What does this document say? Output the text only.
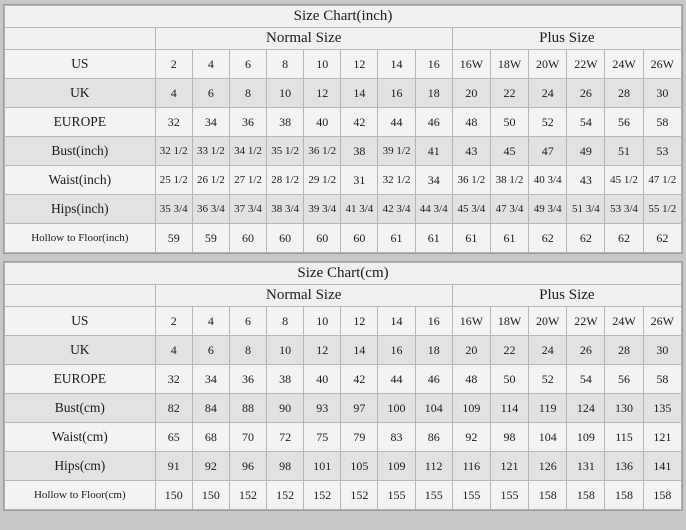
Size Chart(inch)														
	Normal Size								Plus Size					
US	2	4	6	8	10	12	14	16	16W	18W	20W	22W	24W	26W
UK	4	6	8	10	12	14	16	18	20	22	24	26	28	30
EUROPE	32	34	36	38	40	42	44	46	48	50	52	54	56	58
Bust(inch)	32 1/2	33 1/2	34 1/2	35 1/2	36 1/2	38	39 1/2	41	43	45	47	49	51	53
Waist(inch)	25 1/2	26 1/2	27 1/2	28 1/2	29 1/2	31	32 1/2	34	36 1/2	38 1/2	40 3/4	43	45 1/2	47 1/2
Hips(inch)	35 3/4	36 3/4	37 3/4	38 3/4	39 3/4	41 3/4	42 3/4	44 3/4	45 3/4	47 3/4	49 3/4	51 3/4	53 3/4	55 1/2
Hollow to Floor(inch)	59	59	60	60	60	60	61	61	61	61	62	62	62	62
Size Chart(cm)														
	Normal Size								Plus Size					
US	2	4	6	8	10	12	14	16	16W	18W	20W	22W	24W	26W
UK	4	6	8	10	12	14	16	18	20	22	24	26	28	30
EUROPE	32	34	36	38	40	42	44	46	48	50	52	54	56	58
Bust(cm)	82	84	88	90	93	97	100	104	109	114	119	124	130	135
Waist(cm)	65	68	70	72	75	79	83	86	92	98	104	109	115	121
Hips(cm)	91	92	96	98	101	105	109	112	116	121	126	131	136	141
Hollow to Floor(cm)	150	150	152	152	152	152	155	155	155	155	158	158	158	158
